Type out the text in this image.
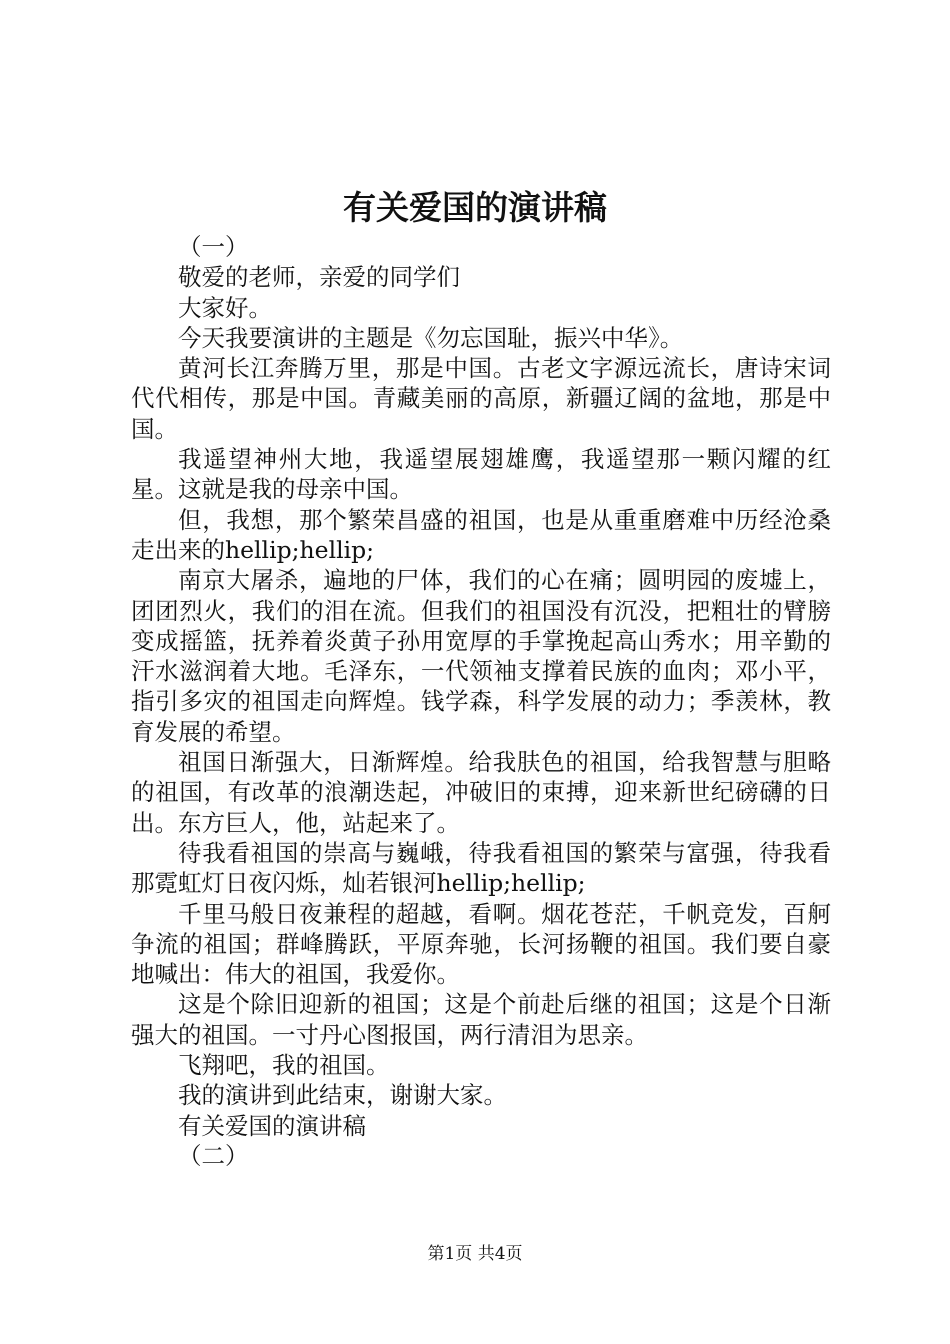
有关爱国的演讲稿

（一）

敬爱的老师，亲爱的同学们

大家好。

今天我要演讲的主题是《勿忘国耻，振兴中华》。

黄河长江奔腾万里，那是中国。古老文字源远流长，唐诗宋词代代相传，那是中国。青藏美丽的高原，新疆辽阔的盆地，那是中国。

我遥望神州大地，我遥望展翅雄鹰，我遥望那一颗闪耀的红星。这就是我的母亲中国。

但，我想，那个繁荣昌盛的祖国，也是从重重磨难中历经沧桑走出来的hellip;hellip;

南京大屠杀，遍地的尸体，我们的心在痛；圆明园的废墟上，团团烈火，我们的泪在流。但我们的祖国没有沉没，把粗壮的臂膀变成摇篮，抚养着炎黄子孙用宽厚的手掌挽起高山秀水；用辛勤的汗水滋润着大地。毛泽东，一代领袖支撑着民族的血肉；邓小平，指引多灾的祖国走向辉煌。钱学森，科学发展的动力；季羡林，教育发展的希望。

祖国日渐强大，日渐辉煌。给我肤色的祖国，给我智慧与胆略的祖国，有改革的浪潮迭起，冲破旧的束搏，迎来新世纪磅礴的日出。东方巨人，他，站起来了。

待我看祖国的崇高与巍峨，待我看祖国的繁荣与富强，待我看那霓虹灯日夜闪烁，灿若银河hellip;hellip;

千里马般日夜兼程的超越，看啊。烟花苍茫，千帆竞发，百舸争流的祖国；群峰腾跃，平原奔驰，长河扬鞭的祖国。我们要自豪地喊出：伟大的祖国，我爱你。

这是个除旧迎新的祖国；这是个前赴后继的祖国；这是个日渐强大的祖国。一寸丹心图报国，两行清泪为思亲。

飞翔吧，我的祖国。

我的演讲到此结束，谢谢大家。

有关爱国的演讲稿

（二）

第1页 共4页
